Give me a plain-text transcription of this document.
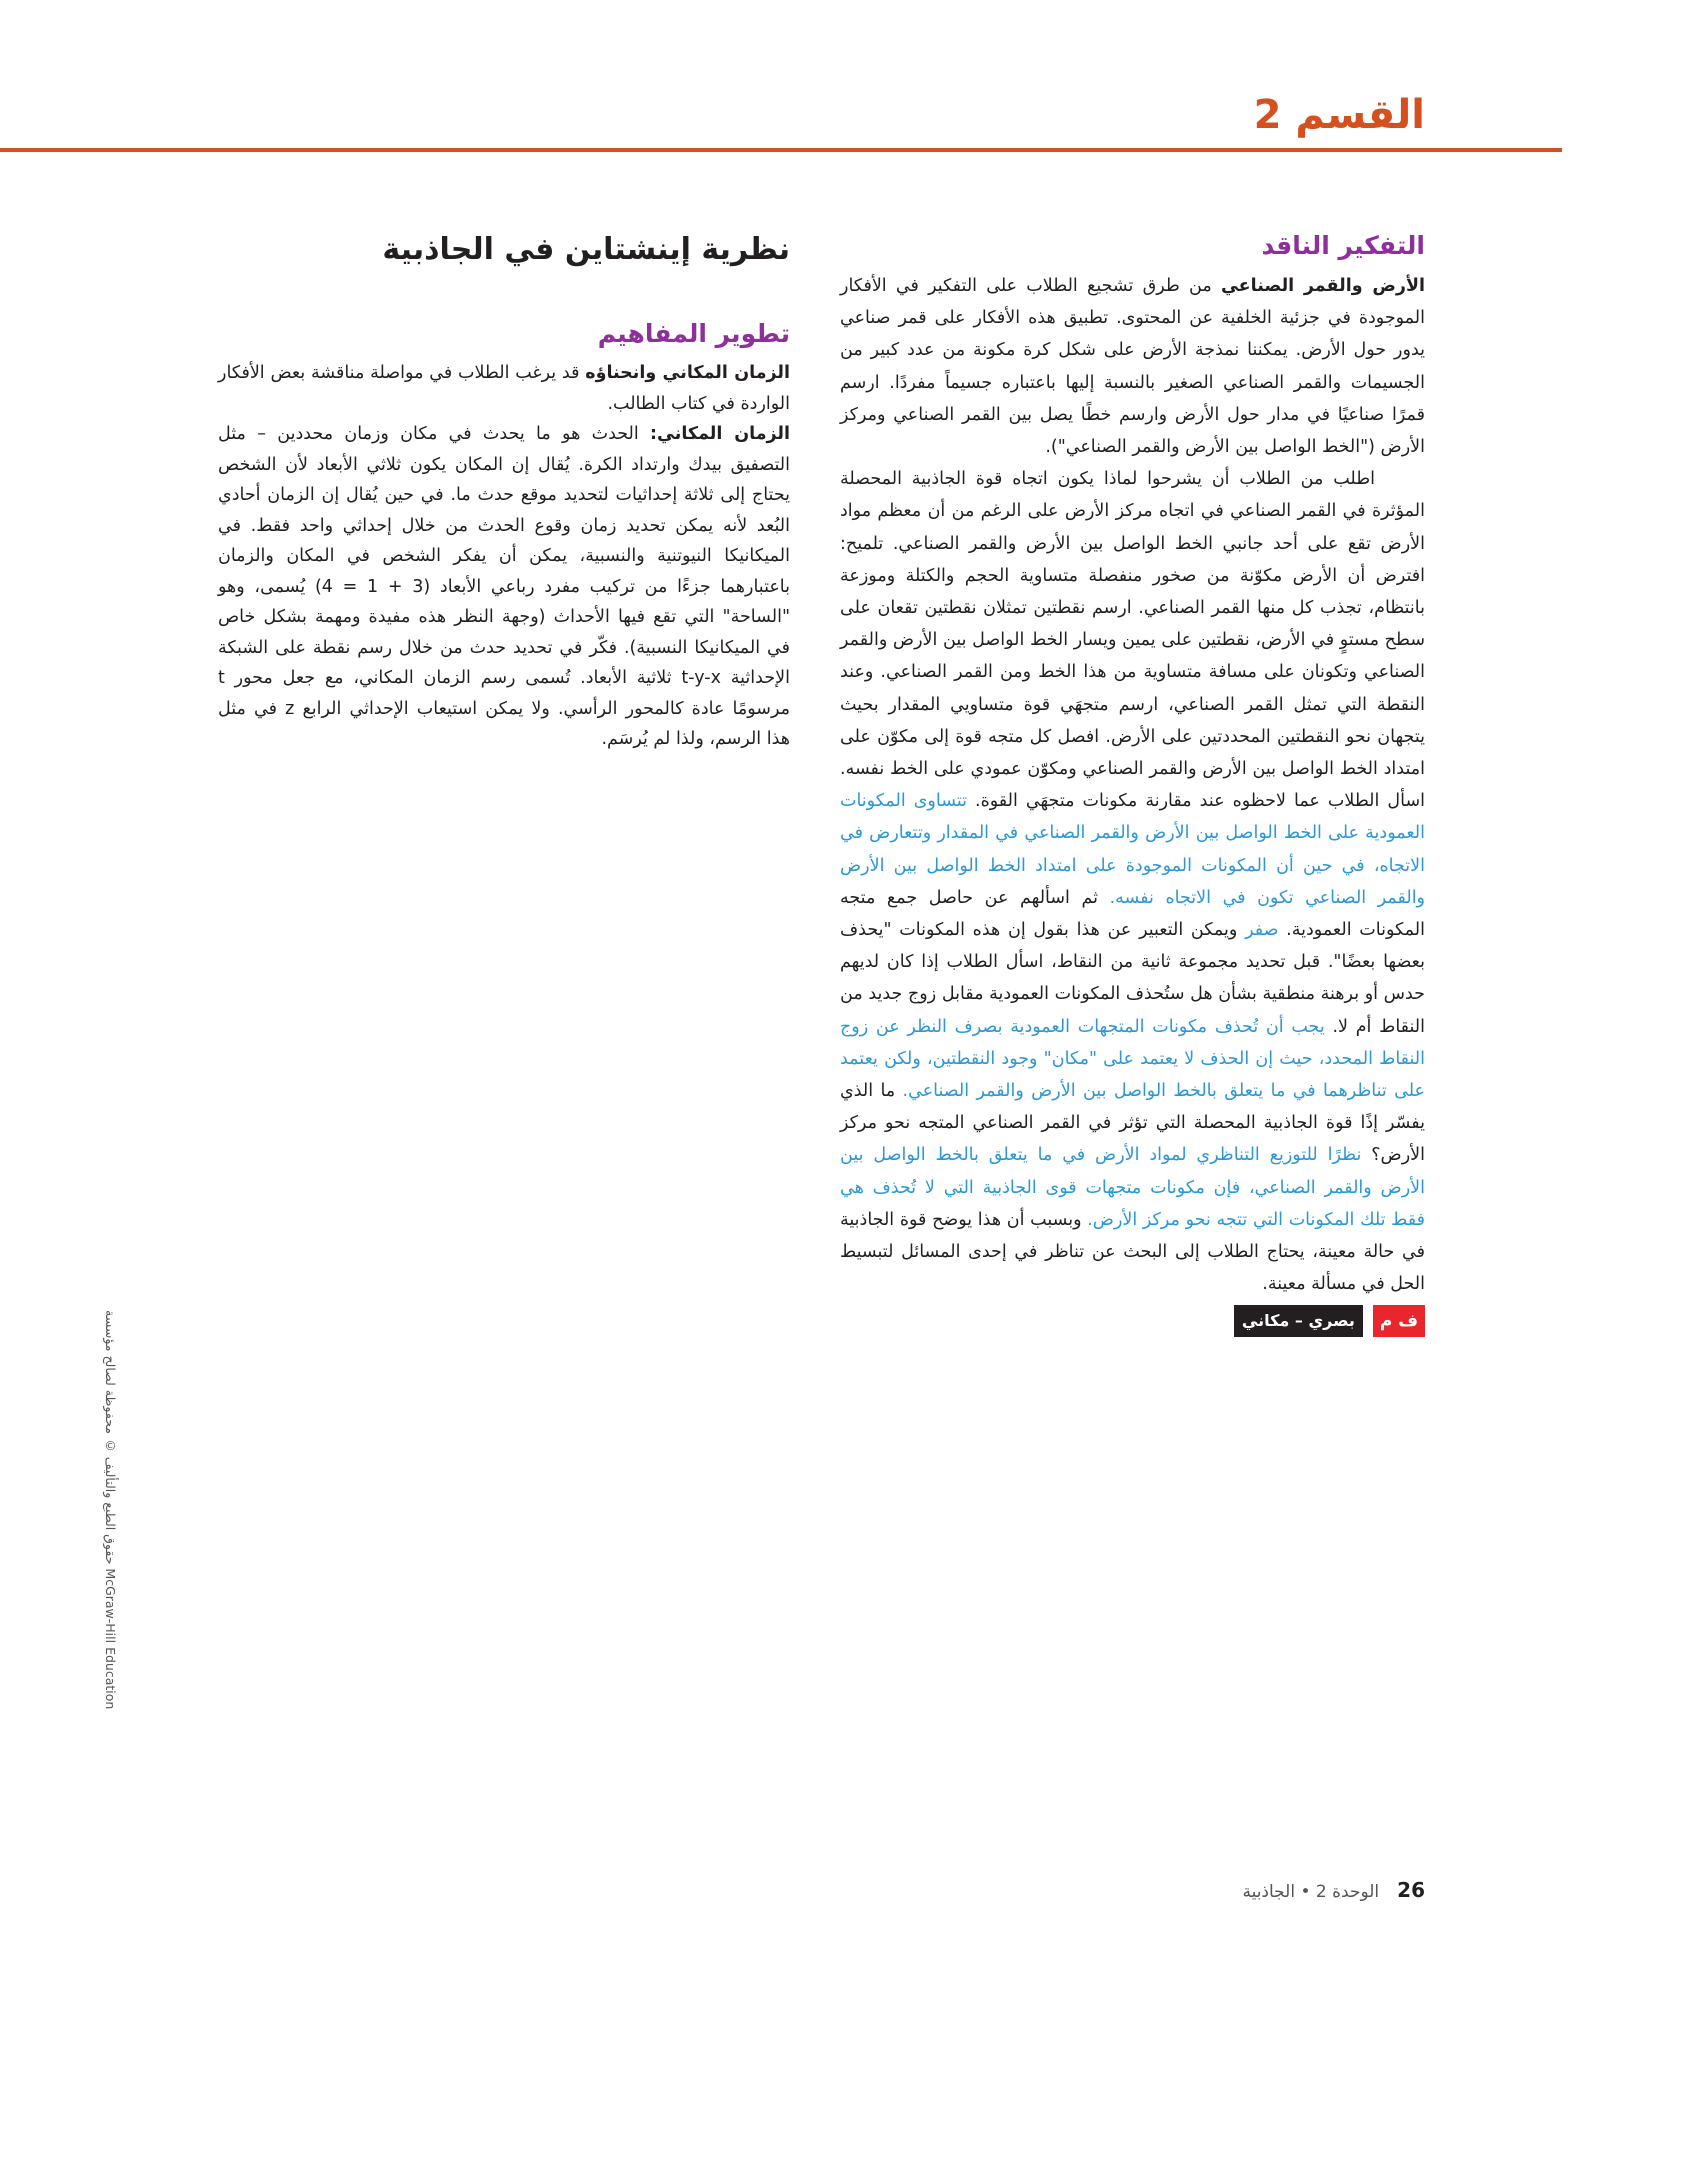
القسم 2
التفكير الناقد

الأرض والقمر الصناعي من طرق تشجيع الطلاب على التفكير في الأفكار الموجودة في جزئية الخلفية عن المحتوى. تطبيق هذه الأفكار على قمر صناعي يدور حول الأرض. يمكننا نمذجة الأرض على شكل كرة مكونة من عدد كبير من الجسيمات والقمر الصناعي الصغير بالنسبة إليها باعتباره جسيماً مفردًا. ارسم قمرًا صناعيًا في مدار حول الأرض وارسم خطًا يصل بين القمر الصناعي ومركز الأرض ("الخط الواصل بين الأرض والقمر الصناعي").

اطلب من الطلاب أن يشرحوا لماذا يكون اتجاه قوة الجاذبية المحصلة المؤثرة في القمر الصناعي في اتجاه مركز الأرض على الرغم من أن معظم مواد الأرض تقع على أحد جانبي الخط الواصل بين الأرض والقمر الصناعي. تلميح: افترض أن الأرض مكوّنة من صخور منفصلة متساوية الحجم والكتلة وموزعة بانتظام، تجذب كل منها القمر الصناعي. ارسم نقطتين تمثلان نقطتين تقعان على سطح مستوٍ في الأرض، نقطتين على يمين ويسار الخط الواصل بين الأرض والقمر الصناعي وتكونان على مسافة متساوية من هذا الخط ومن القمر الصناعي. وعند النقطة التي تمثل القمر الصناعي، ارسم متجهَي قوة متساويي المقدار بحيث يتجهان نحو النقطتين المحددتين على الأرض. افصل كل متجه قوة إلى مكوّن على امتداد الخط الواصل بين الأرض والقمر الصناعي ومكوّن عمودي على الخط نفسه. اسأل الطلاب عما لاحظوه عند مقارنة مكونات متجهَي القوة. تتساوى المكونات العمودية على الخط الواصل بين الأرض والقمر الصناعي في المقدار وتتعارض في الاتجاه، في حين أن المكونات الموجودة على امتداد الخط الواصل بين الأرض والقمر الصناعي تكون في الاتجاه نفسه. ثم اسألهم عن حاصل جمع متجه المكونات العمودية. صفر ويمكن التعبير عن هذا بقول إن هذه المكونات "يحذف بعضها بعضًا". قبل تحديد مجموعة ثانية من النقاط، اسأل الطلاب إذا كان لديهم حدس أو برهنة منطقية بشأن هل ستُحذف المكونات العمودية مقابل زوج جديد من النقاط أم لا. يجب أن تُحذف مكونات المتجهات العمودية بصرف النظر عن زوج النقاط المحدد، حيث إن الحذف لا يعتمد على "مكان" وجود النقطتين، ولكن يعتمد على تناظرهما في ما يتعلق بالخط الواصل بين الأرض والقمر الصناعي. ما الذي يفسّر إذًا قوة الجاذبية المحصلة التي تؤثر في القمر الصناعي المتجه نحو مركز الأرض؟ نظرًا للتوزيع التناظري لمواد الأرض في ما يتعلق بالخط الواصل بين الأرض والقمر الصناعي، فإن مكونات متجهات قوى الجاذبية التي لا تُحذف هي فقط تلك المكونات التي تتجه نحو مركز الأرض. وبسبب أن هذا يوضح قوة الجاذبية في حالة معينة، يحتاج الطلاب إلى البحث عن تناظر في إحدى المسائل لتبسيط الحل في مسألة معينة.

ف م
بصري – مكاني
نظرية إينشتاين في الجاذبية
تطوير المفاهيم

الزمان المكاني وانحناؤه قد يرغب الطلاب في مواصلة مناقشة بعض الأفكار الواردة في كتاب الطالب.

الزمان المكاني: الحدث هو ما يحدث في مكان وزمان محددين – مثل التصفيق بيدك وارتداد الكرة. يُقال إن المكان يكون ثلاثي الأبعاد لأن الشخص يحتاج إلى ثلاثة إحداثيات لتحديد موقع حدث ما. في حين يُقال إن الزمان أحادي البُعد لأنه يمكن تحديد زمان وقوع الحدث من خلال إحداثي واحد فقط. في الميكانيكا النيوتنية والنسبية، يمكن أن يفكر الشخص في المكان والزمان باعتبارهما جزءًا من تركيب مفرد رباعي الأبعاد (3 + 1 = 4) يُسمى، وهو "الساحة" التي تقع فيها الأحداث (وجهة النظر هذه مفيدة ومهمة بشكل خاص في الميكانيكا النسبية). فكّر في تحديد حدث من خلال رسم نقطة على الشبكة الإحداثية t-y-x ثلاثية الأبعاد. تُسمى رسم الزمان المكاني، مع جعل محور t مرسومًا عادة كالمحور الرأسي. ولا يمكن استيعاب الإحداثي الرابع z في مثل هذا الرسم، ولذا لم يُرسَم.

حقوق الطبع والتأليف © محفوظة لصالح مؤسسة McGraw-Hill Education
26الوحدة 2 • الجاذبية
